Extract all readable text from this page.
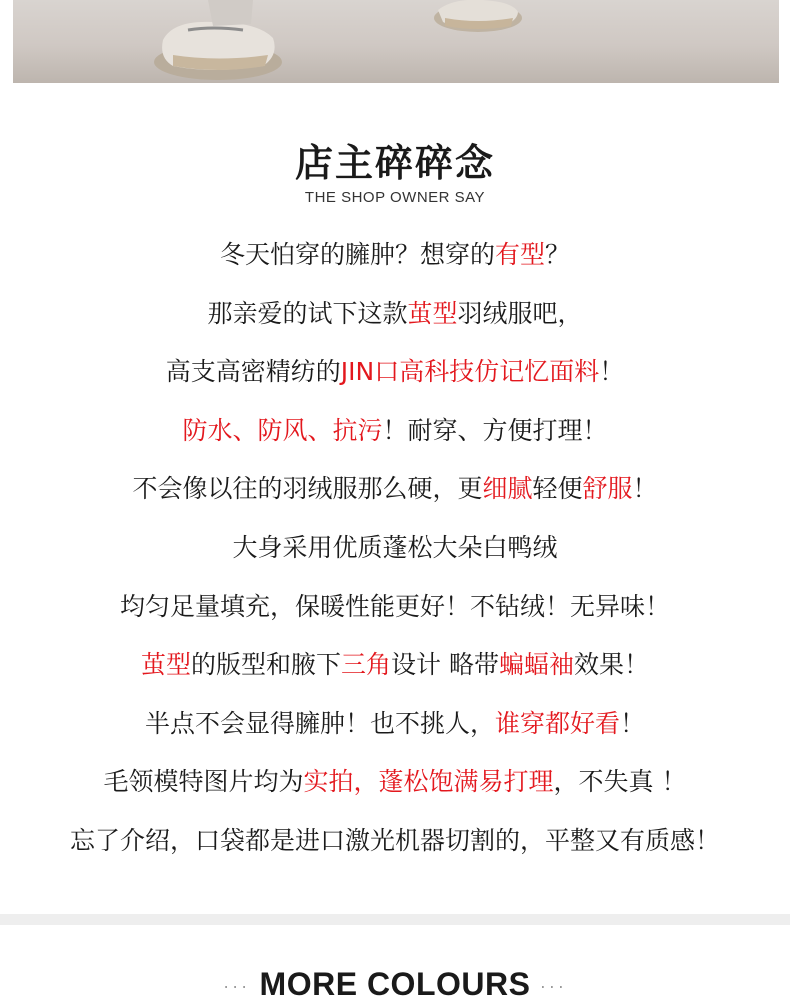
店主碎碎念
THE SHOP OWNER SAY
冬天怕穿的臃肿？想穿的有型？
那亲爱的试下这款茧型羽绒服吧，
高支高密精纺的JIN口高科技仿记忆面料！
防水、防风、抗污！耐穿、方便打理！
不会像以往的羽绒服那么硬，更细腻轻便舒服！
大身采用优质蓬松大朵白鸭绒
均匀足量填充，保暖性能更好！不钻绒！无异味！
茧型的版型和腋下三角设计 略带蝙蝠袖效果！
半点不会显得臃肿！也不挑人，谁穿都好看！
毛领模特图片均为实拍，蓬松饱满易打理，不失真 ！
忘了介绍，口袋都是进口激光机器切割的，平整又有质感！
··· MORE COLOURS ···
